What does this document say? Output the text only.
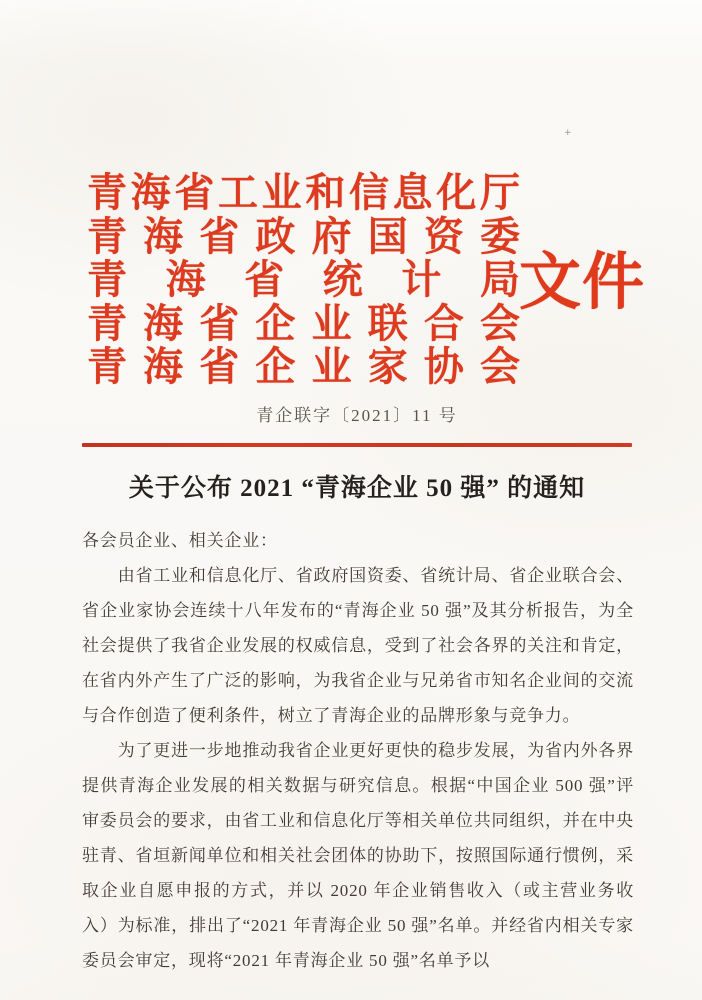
+
青海省工业和信息化厅
青海省政府国资委
青海省统计局
青海省企业联合会
青海省企业家协会
文件
青企联字〔2021〕11 号
关于公布 2021 “青海企业 50 强” 的通知

各会员企业、相关企业：

由省工业和信息化厅、省政府国资委、省统计局、省企业联合会、省企业家协会连续十八年发布的“青海企业 50 强”及其分析报告，为全社会提供了我省企业发展的权威信息，受到了社会各界的关注和肯定，在省内外产生了广泛的影响，为我省企业与兄弟省市知名企业间的交流与合作创造了便利条件，树立了青海企业的品牌形象与竞争力。

为了更进一步地推动我省企业更好更快的稳步发展，为省内外各界提供青海企业发展的相关数据与研究信息。根据“中国企业 500 强”评审委员会的要求，由省工业和信息化厅等相关单位共同组织，并在中央驻青、省垣新闻单位和相关社会团体的协助下，按照国际通行惯例，采取企业自愿申报的方式，并以 2020 年企业销售收入（或主营业务收入）为标准，排出了“2021 年青海企业 50 强”名单。并经省内相关专家委员会审定，现将“2021 年青海企业 50 强”名单予以
